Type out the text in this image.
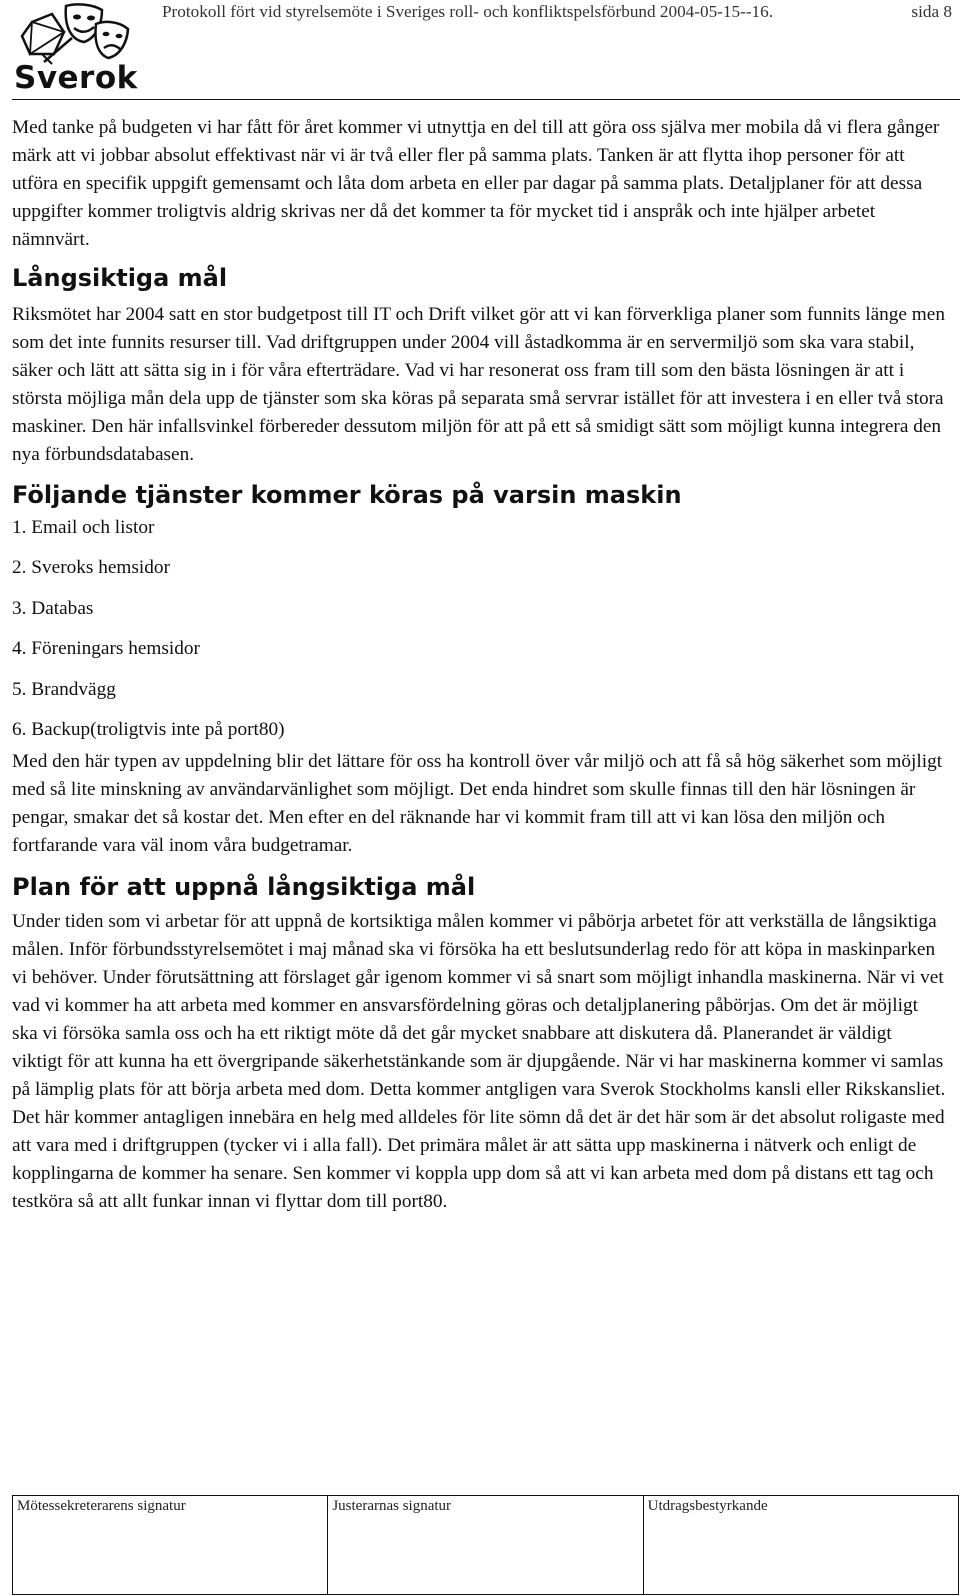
Sverok
Protokoll fört vid styrelsemöte i Sveriges roll- och konfliktspelsförbund 2004-05-15--16.	sida 8

Med tanke på budgeten vi har fått för året kommer vi utnyttja en del till att göra oss själva mer mobila då vi flera gånger märk att vi jobbar absolut effektivast när vi är två eller fler på samma plats. Tanken är att flytta ihop personer för att utföra en specifik uppgift gemensamt och låta dom arbeta en eller par dagar på samma plats. Detaljplaner för att dessa uppgifter kommer troligtvis aldrig skrivas ner då det kommer ta för mycket tid i anspråk och inte hjälper arbetet nämnvärt.

Långsiktiga mål

Riksmötet har 2004 satt en stor budgetpost till IT och Drift vilket gör att vi kan förverkliga planer som funnits länge men som det inte funnits resurser till. Vad driftgruppen under 2004 vill åstadkomma är en servermiljö som ska vara stabil, säker och lätt att sätta sig in i för våra efterträdare. Vad vi har resonerat oss fram till som den bästa lösningen är att i största möjliga mån dela upp de tjänster som ska köras på separata små servrar istället för att investera i en eller två stora maskiner. Den här infallsvinkel förbereder dessutom miljön för att på ett så smidigt sätt som möjligt kunna integrera den nya förbundsdatabasen.

Följande tjänster kommer köras på varsin maskin
1. Email och listor
2. Sveroks hemsidor
3. Databas
4. Föreningars hemsidor
5. Brandvägg
6. Backup(troligtvis inte på port80)

Med den här typen av uppdelning blir det lättare för oss ha kontroll över vår miljö och att få så hög säkerhet som möjligt med så lite minskning av användarvänlighet som möjligt. Det enda hindret som skulle finnas till den här lösningen är pengar, smakar det så kostar det. Men efter en del räknande har vi kommit fram till att vi kan lösa den miljön och fortfarande vara väl inom våra budgetramar.

Plan för att uppnå långsiktiga mål

Under tiden som vi arbetar för att uppnå de kortsiktiga målen kommer vi påbörja arbetet för att verkställa de långsiktiga målen. Inför förbundsstyrelsemötet i maj månad ska vi försöka ha ett beslutsunderlag redo för att köpa in maskinparken vi behöver. Under förutsättning att förslaget går igenom kommer vi så snart som möjligt inhandla maskinerna. När vi vet vad vi kommer ha att arbeta med kommer en ansvarsfördelning göras och detaljplanering påbörjas. Om det är möjligt ska vi försöka samla oss och ha ett riktigt möte då det går mycket snabbare att diskutera då. Planerandet är väldigt viktigt för att kunna ha ett övergripande säkerhetstänkande som är djupgående. När vi har maskinerna kommer vi samlas på lämplig plats för att börja arbeta med dom. Detta kommer antgligen vara Sverok Stockholms kansli eller Rikskansliet. Det här kommer antagligen innebära en helg med alldeles för lite sömn då det är det här som är det absolut roligaste med att vara med i driftgruppen (tycker vi i alla fall). Det primära målet är att sätta upp maskinerna i nätverk och enligt de kopplingarna de kommer ha senare. Sen kommer vi koppla upp dom så att vi kan arbeta med dom på distans ett tag och testköra så att allt funkar innan vi flyttar dom till port80.

Mötessekreterarens signatur	Justerarnas signatur	Utdragsbestyrkande
